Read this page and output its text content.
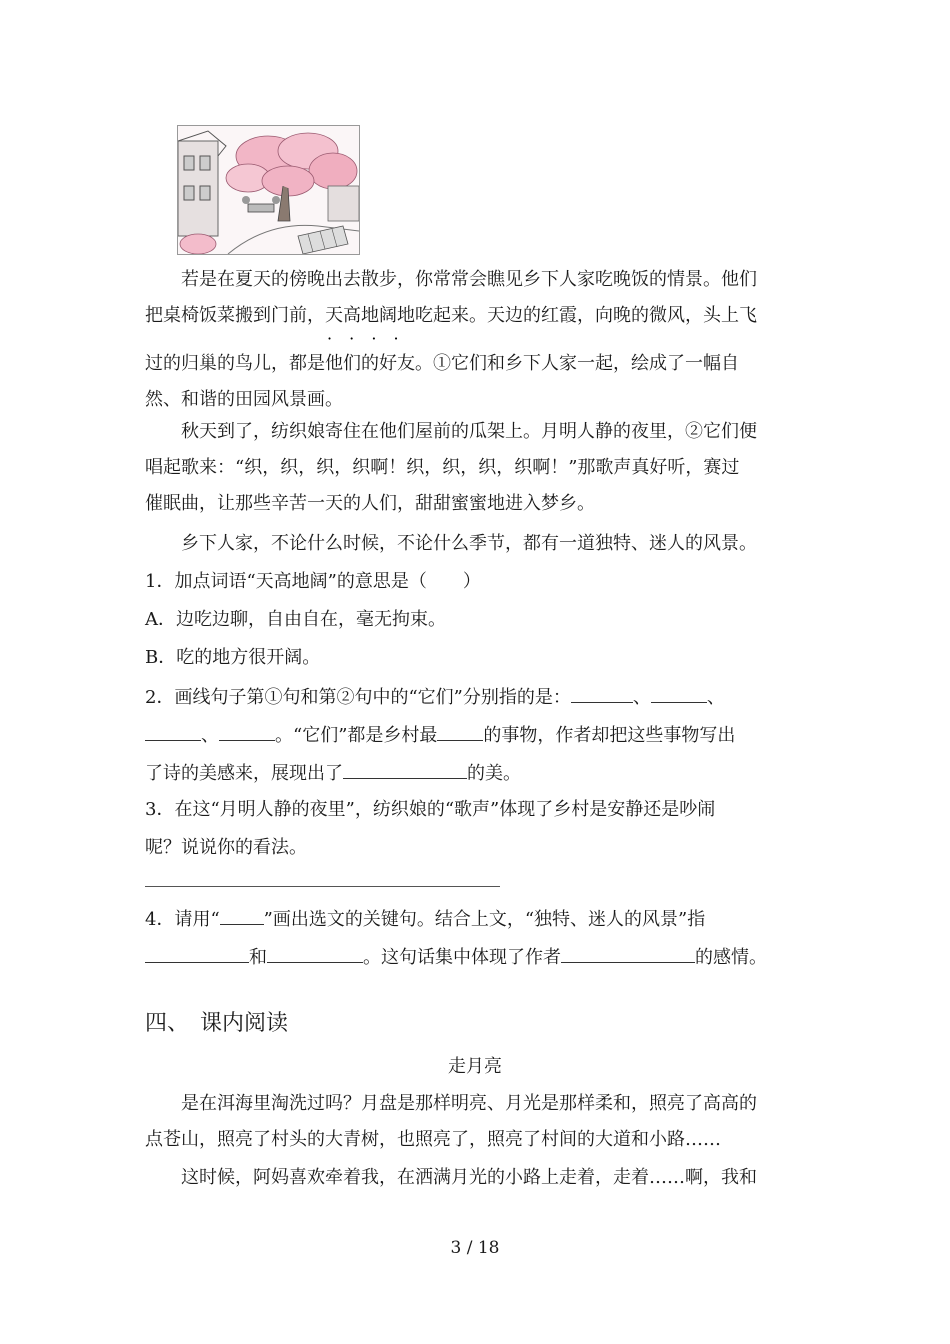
若是在夏天的傍晚出去散步，你常常会瞧见乡下人家吃晚饭的情景。他们
把桌椅饭菜搬到门前，天高地阔 · · · ·地吃起来。天边的红霞，向晚的微风，头上飞
过的归巢的鸟儿，都是他们的好友。①它们和乡下人家一起，绘成了一幅自
然、和谐的田园风景画。
秋天到了，纺织娘寄住在他们屋前的瓜架上。月明人静的夜里，②它们便
唱起歌来：“织，织，织，织啊！织，织，织，织啊！”那歌声真好听，赛过
催眠曲，让那些辛苦一天的人们，甜甜蜜蜜地进入梦乡。
乡下人家，不论什么时候，不论什么季节，都有一道独特、迷人的风景。
1．加点词语“天高地阔”的意思是（　　）
A．边吃边聊，自由自在，毫无拘束。
B．吃的地方很开阔。
2．画线句子第①句和第②句中的“它们”分别指的是：	、	、
、	。“它们”都是乡村最	的事物，作者却把这些事物写出
了诗的美感来，展现出了	的美。
3．在这“月明人静的夜里”，纺织娘的“歌声”体现了乡村是安静还是吵闹
呢？说说你的看法。
4．请用“ ”画出选文的关键句。结合上文，“独特、迷人的风景”指
和	。这句话集中体现了作者	的感情。
四、　课内阅读
走月亮
是在洱海里淘洗过吗？月盘是那样明亮、月光是那样柔和，照亮了高高的
点苍山，照亮了村头的大青树，也照亮了，照亮了村间的大道和小路……
这时候，阿妈喜欢牵着我，在洒满月光的小路上走着，走着……啊，我和
3 / 18
